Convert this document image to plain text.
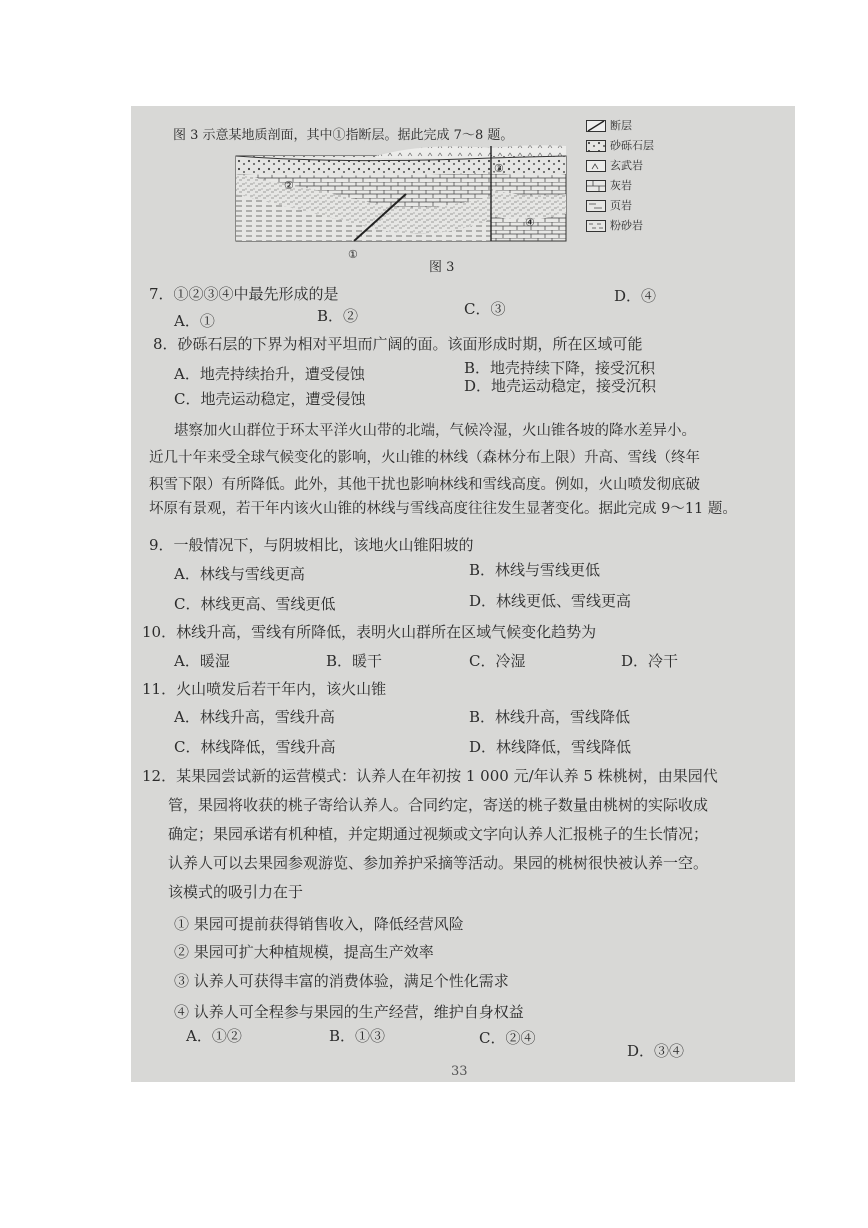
图 3 示意某地质剖面，其中①指断层。据此完成 7～8 题。
②
③
④
①
断层
砂砾石层
玄武岩
灰岩
页岩
粉砂岩
图 3
7．①②③④中最先形成的是
A．①	B．②	C．③
D．④
8．砂砾石层的下界为相对平坦而广阔的面。该面形成时期，所在区域可能
A．地壳持续抬升，遭受侵蚀	B．地壳持续下降，接受沉积
C．地壳运动稳定，遭受侵蚀
D．地壳运动稳定，接受沉积
堪察加火山群位于环太平洋火山带的北端，气候冷湿，火山锥各坡的降水差异小。
近几十年来受全球气候变化的影响，火山锥的林线（森林分布上限）升高、雪线（终年
积雪下限）有所降低。此外，其他干扰也影响林线和雪线高度。例如，火山喷发彻底破
坏原有景观，若干年内该火山锥的林线与雪线高度往往发生显著变化。据此完成 9～11 题。
9．一般情况下，与阴坡相比，该地火山锥阳坡的
A．林线与雪线更高	B．林线与雪线更低
C．林线更高、雪线更低	D．林线更低、雪线更高
10．林线升高，雪线有所降低，表明火山群所在区域气候变化趋势为
A．暖湿	B．暖干	C．冷湿	D．冷干
11．火山喷发后若干年内，该火山锥
A．林线升高，雪线升高	B．林线升高，雪线降低
C．林线降低，雪线升高	D．林线降低，雪线降低
12．某果园尝试新的运营模式：认养人在年初按 1 000 元/年认养 5 株桃树，由果园代
管，果园将收获的桃子寄给认养人。合同约定，寄送的桃子数量由桃树的实际收成
确定；果园承诺有机种植，并定期通过视频或文字向认养人汇报桃子的生长情况；
认养人可以去果园参观游览、参加养护采摘等活动。果园的桃树很快被认养一空。
该模式的吸引力在于
① 果园可提前获得销售收入，降低经营风险
② 果园可扩大种植规模，提高生产效率
③ 认养人可获得丰富的消费体验，满足个性化需求
④ 认养人可全程参与果园的生产经营，维护自身权益
A．①②	B．①③	C．②④
D．③④
33
